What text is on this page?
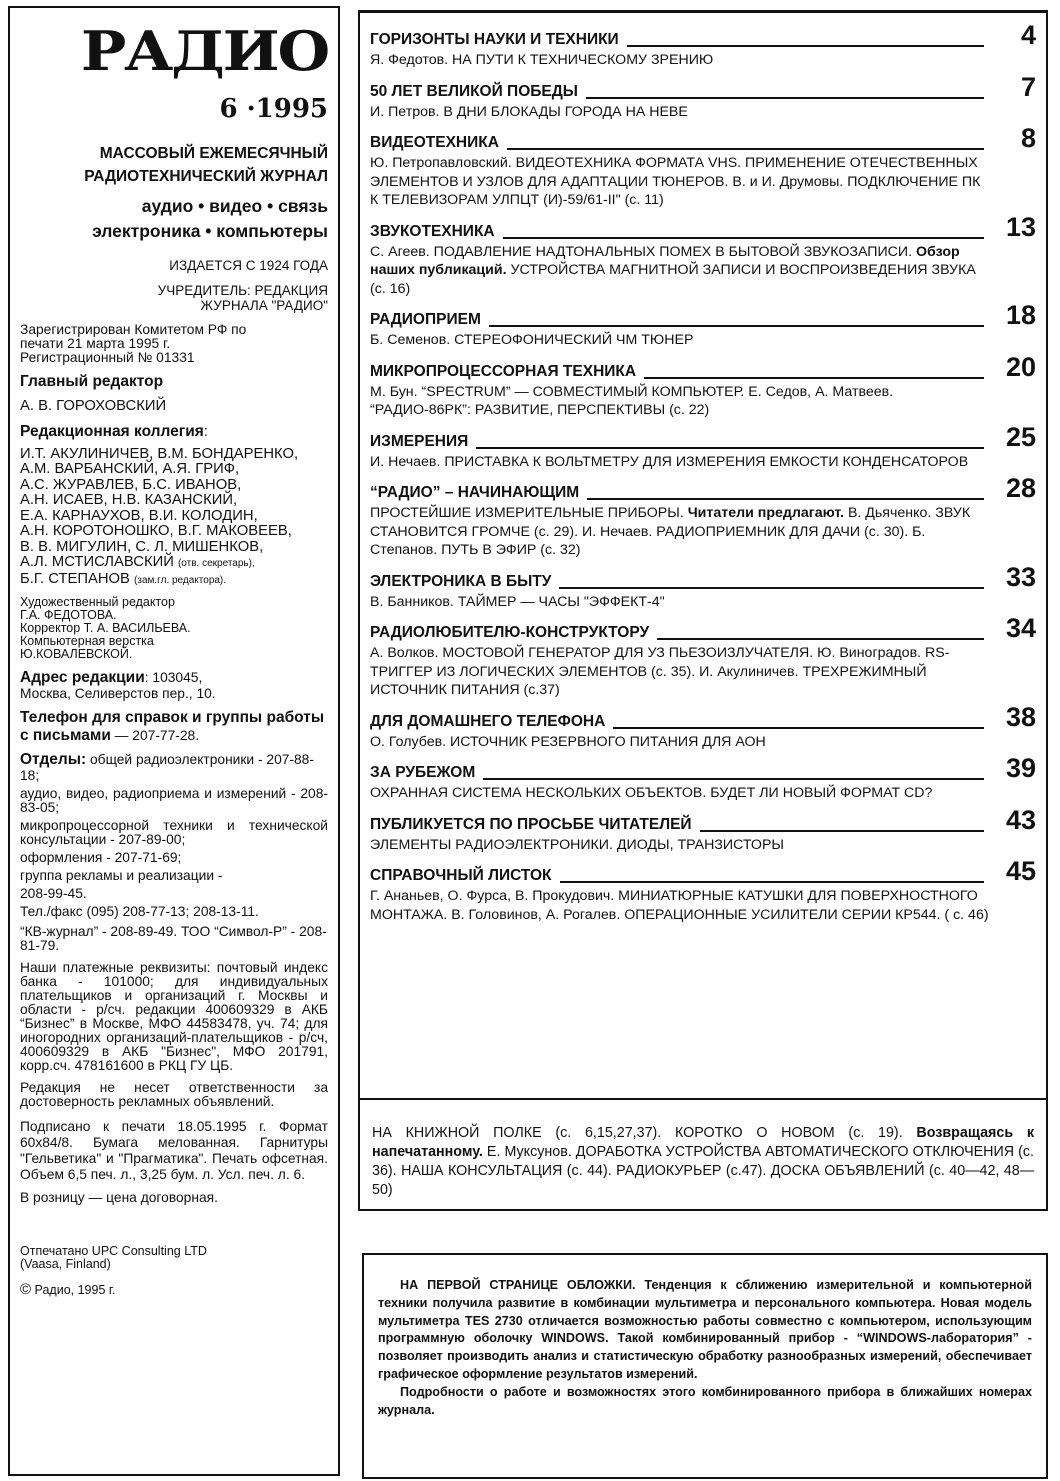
РАДИО
6 ·1995
МАССОВЫЙ ЕЖЕМЕСЯЧНЫЙ
РАДИОТЕХНИЧЕСКИЙ ЖУРНАЛ
аудио • видео • связь
электроника • компьютеры
ИЗДАЕТСЯ С 1924 ГОДА
УЧРЕДИТЕЛЬ: РЕДАКЦИЯ
ЖУРНАЛА "РАДИО"
Зарегистрирован Комитетом РФ по
печати 21 марта 1995 г.
Регистрационный № 01331
Главный редактор
А. В. ГОРОХОВСКИЙ
Редакционная коллегия:
И.Т. АКУЛИНИЧЕВ, В.М. БОНДАРЕНКО,
А.М. ВАРБАНСКИЙ, А.Я. ГРИФ,
А.С. ЖУРАВЛЕВ, Б.С. ИВАНОВ,
А.Н. ИСАЕВ, Н.В. КАЗАНСКИЙ,
Е.А. КАРНАУХОВ, В.И. КОЛОДИН,
А.Н. КОРОТОНОШКО, В.Г. МАКОВЕЕВ,
В. В. МИГУЛИН, С. Л. МИШЕНКОВ,
А.Л. МСТИСЛАВСКИЙ (отв. секретарь),
Б.Г. СТЕПАНОВ (зам.гл. редактора).
Художественный редактор
Г.А. ФЕДОТОВА.
Корректор Т. А. ВАСИЛЬЕВА.
Компьютерная верстка
Ю.КОВАЛЕВСКОЙ.
Адрес редакции: 103045,
Москва, Селиверстов пер., 10.
Телефон для справок и группы работы с письмами — 207-77-28.
Отделы: общей радиоэлектроники - 207-88-18;
аудио, видео, радиоприема и измерений - 208-83-05;
микропроцессорной техники и технической консультации - 207-89-00;
оформления - 207-71-69;
группа рекламы и реализации -
208-99-45.
Тел./факс (095) 208-77-13; 208-13-11.
“КВ-журнал” - 208-89-49. ТОО “Символ-Р” - 208-81-79.
Наши платежные реквизиты: почтовый индекс банка - 101000; для индивидуальных плательщиков и организаций г. Москвы и области - р/сч. редакции 400609329 в АКБ “Бизнес” в Москве, МФО 44583478, уч. 74; для иногородних организаций-плательщиков - р/сч, 400609329 в АКБ "Бизнес", МФО 201791, корр.сч. 478161600 в РКЦ ГУ ЦБ.
Редакция не несет ответственности за достоверность рекламных объявлений.
Подписано к печати 18.05.1995 г. Формат 60х84/8. Бумага мелованная. Гарнитуры "Гельветика" и "Прагматика". Печать офсетная. Объем 6,5 печ. л., 3,25 бум. л. Усл. печ. л. 6.
В розницу — цена договорная.
Отпечатано UPC Consulting LTD
(Vaasa, Finland)
© Радио, 1995 г.
ГОРИЗОНТЫ НАУКИ И ТЕХНИКИ	4
Я. Федотов. НА ПУТИ К ТЕХНИЧЕСКОМУ ЗРЕНИЮ
50 ЛЕТ ВЕЛИКОЙ ПОБЕДЫ	7
И. Петров. В ДНИ БЛОКАДЫ ГОРОДА НА НЕВЕ
ВИДЕОТЕХНИКА	8
Ю. Петропавловский. ВИДЕОТЕХНИКА ФОРМАТА VHS. ПРИМЕНЕНИЕ ОТЕЧЕСТВЕННЫХ ЭЛЕМЕНТОВ И УЗЛОВ ДЛЯ АДАПТАЦИИ ТЮНЕРОВ. В. и И. Друмовы. ПОДКЛЮЧЕНИЕ ПК К ТЕЛЕВИЗОРАМ УЛПЦТ (И)-59/61-II" (с. 11)
ЗВУКОТЕХНИКА	13
С. Агеев. ПОДАВЛЕНИЕ НАДТОНАЛЬНЫХ ПОМЕХ В БЫТОВОЙ ЗВУКОЗАПИСИ. Обзор наших публикаций. УСТРОЙСТВА МАГНИТНОЙ ЗАПИСИ И ВОСПРОИЗВЕДЕНИЯ ЗВУКА (с. 16)
РАДИОПРИЕМ	18
Б. Семенов. СТЕРЕОФОНИЧЕСКИЙ ЧМ ТЮНЕР
МИКРОПРОЦЕССОРНАЯ ТЕХНИКА	20
М. Бун. “SPECTRUM” — СОВМЕСТИМЫЙ КОМПЬЮТЕР. Е. Седов, А. Матвеев. “РАДИО-86РК”: РАЗВИТИЕ, ПЕРСПЕКТИВЫ (с. 22)
ИЗМЕРЕНИЯ	25
И. Нечаев. ПРИСТАВКА К ВОЛЬТМЕТРУ ДЛЯ ИЗМЕРЕНИЯ ЕМКОСТИ КОНДЕНСАТОРОВ
“РАДИО” – НАЧИНАЮЩИМ	28
ПРОСТЕЙШИЕ ИЗМЕРИТЕЛЬНЫЕ ПРИБОРЫ. Читатели предлагают. В. Дьяченко. ЗВУК СТАНОВИТСЯ ГРОМЧЕ (с. 29). И. Нечаев. РАДИОПРИЕМНИК ДЛЯ ДАЧИ (с. 30). Б. Степанов. ПУТЬ В ЭФИР (с. 32)
ЭЛЕКТРОНИКА В БЫТУ	33
В. Банников. ТАЙМЕР — ЧАСЫ "ЭФФЕКТ-4"
РАДИОЛЮБИТЕЛЮ-КОНСТРУКТОРУ	34
А. Волков. МОСТОВОЙ ГЕНЕРАТОР ДЛЯ УЗ ПЬЕЗОИЗЛУЧАТЕЛЯ. Ю. Виноградов. RS-ТРИГГЕР ИЗ ЛОГИЧЕСКИХ ЭЛЕМЕНТОВ (с. 35). И. Акулиничев. ТРЕХРЕЖИМНЫЙ ИСТОЧНИК ПИТАНИЯ (с.37)
ДЛЯ ДОМАШНЕГО ТЕЛЕФОНА	38
О. Голубев. ИСТОЧНИК РЕЗЕРВНОГО ПИТАНИЯ ДЛЯ АОН
ЗА РУБЕЖОМ	39
ОХРАННАЯ СИСТЕМА НЕСКОЛЬКИХ ОБЪЕКТОВ. БУДЕТ ЛИ НОВЫЙ ФОРМАТ CD?
ПУБЛИКУЕТСЯ ПО ПРОСЬБЕ ЧИТАТЕЛЕЙ	43
ЭЛЕМЕНТЫ РАДИОЭЛЕКТРОНИКИ. ДИОДЫ, ТРАНЗИСТОРЫ
СПРАВОЧНЫЙ ЛИСТОК	45
Г. Ананьев, О. Фурса, В. Прокудович. МИНИАТЮРНЫЕ КАТУШКИ ДЛЯ ПОВЕРХНОСТНОГО МОНТАЖА. В. Головинов, А. Рогалев. ОПЕРАЦИОННЫЕ УСИЛИТЕЛИ СЕРИИ КР544. ( с. 46)
НА КНИЖНОЙ ПОЛКЕ (с. 6,15,27,37). КОРОТКО О НОВОМ (с. 19). Возвращаясь к напечатанному. Е. Муксунов. ДОРАБОТКА УСТРОЙСТВА АВТОМАТИЧЕСКОГО ОТКЛЮЧЕНИЯ (с. 36). НАША КОНСУЛЬТАЦИЯ (с. 44). РАДИОКУРЬЕР (с.47). ДОСКА ОБЪЯВЛЕНИЙ (с. 40—42, 48—50)
НА ПЕРВОЙ СТРАНИЦЕ ОБЛОЖКИ. Тенденция к сближению измерительной и компьютерной техники получила развитие в комбинации мультиметра и персонального компьютера. Новая модель мультиметра TES 2730 отличается возможностью работы совместно с компьютером, использующим программную оболочку WINDOWS. Такой комбинированный прибор - “WINDOWS-лаборатория” - позволяет производить анализ и статистическую обработку разнообразных измерений, обеспечивает графическое оформление результатов измерений.
Подробности о работе и возможностях этого комбинированного прибора в ближайших номерах журнала.
